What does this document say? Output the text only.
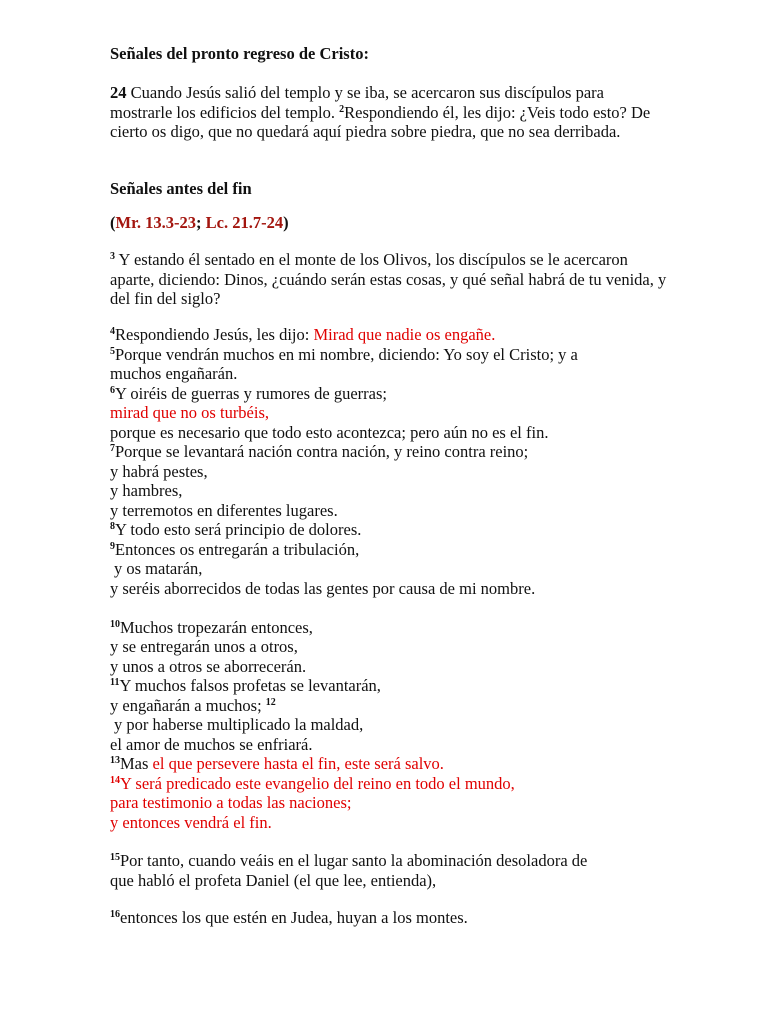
Señales del pronto regreso de Cristo:
24 Cuando Jesús salió del templo y se iba, se acercaron sus discípulos para mostrarle los edificios del templo. $^2$Respondiendo él, les dijo: ¿Veis todo esto? De cierto os digo, que no quedará aquí piedra sobre piedra, que no sea derribada.
Señales antes del fin
(Mr. 13.3-23; Lc. 21.7-24)
$^3$ Y estando él sentado en el monte de los Olivos, los discípulos se le acercaron aparte, diciendo: Dinos, ¿cuándo serán estas cosas, y qué señal habrá de tu venida, y del fin del siglo?
$^4$Respondiendo Jesús, les dijo: Mirad que nadie os engañe.
$^5$Porque vendrán muchos en mi nombre, diciendo: Yo soy el Cristo; y a
muchos engañarán.
$^6$Y oiréis de guerras y rumores de guerras;
mirad que no os turbéis,
porque es necesario que todo esto acontezca; pero aún no es el fin.
$^7$Porque se levantará nación contra nación, y reino contra reino;
y habrá pestes,
y hambres,
y terremotos en diferentes lugares.
$^8$Y todo esto será principio de dolores.
$^9$Entonces os entregarán a tribulación,
y os matarán,
y seréis aborrecidos de todas las gentes por causa de mi nombre.
$^{10}$Muchos tropezarán entonces,
y se entregarán unos a otros,
y unos a otros se aborrecerán.
$^{11}$Y muchos falsos profetas se levantarán,
y engañarán a muchos; $^{12}$
y por haberse multiplicado la maldad,
el amor de muchos se enfriará.
$^{13}$Mas el que persevere hasta el fin, este será salvo.
$^{14}$Y será predicado este evangelio del reino en todo el mundo,
para testimonio a todas las naciones;
y entonces vendrá el fin.
$^{15}$Por tanto, cuando veáis en el lugar santo la abominación desoladora de
que habló el profeta Daniel (el que lee, entienda),
$^{16}$entonces los que estén en Judea, huyan a los montes.
